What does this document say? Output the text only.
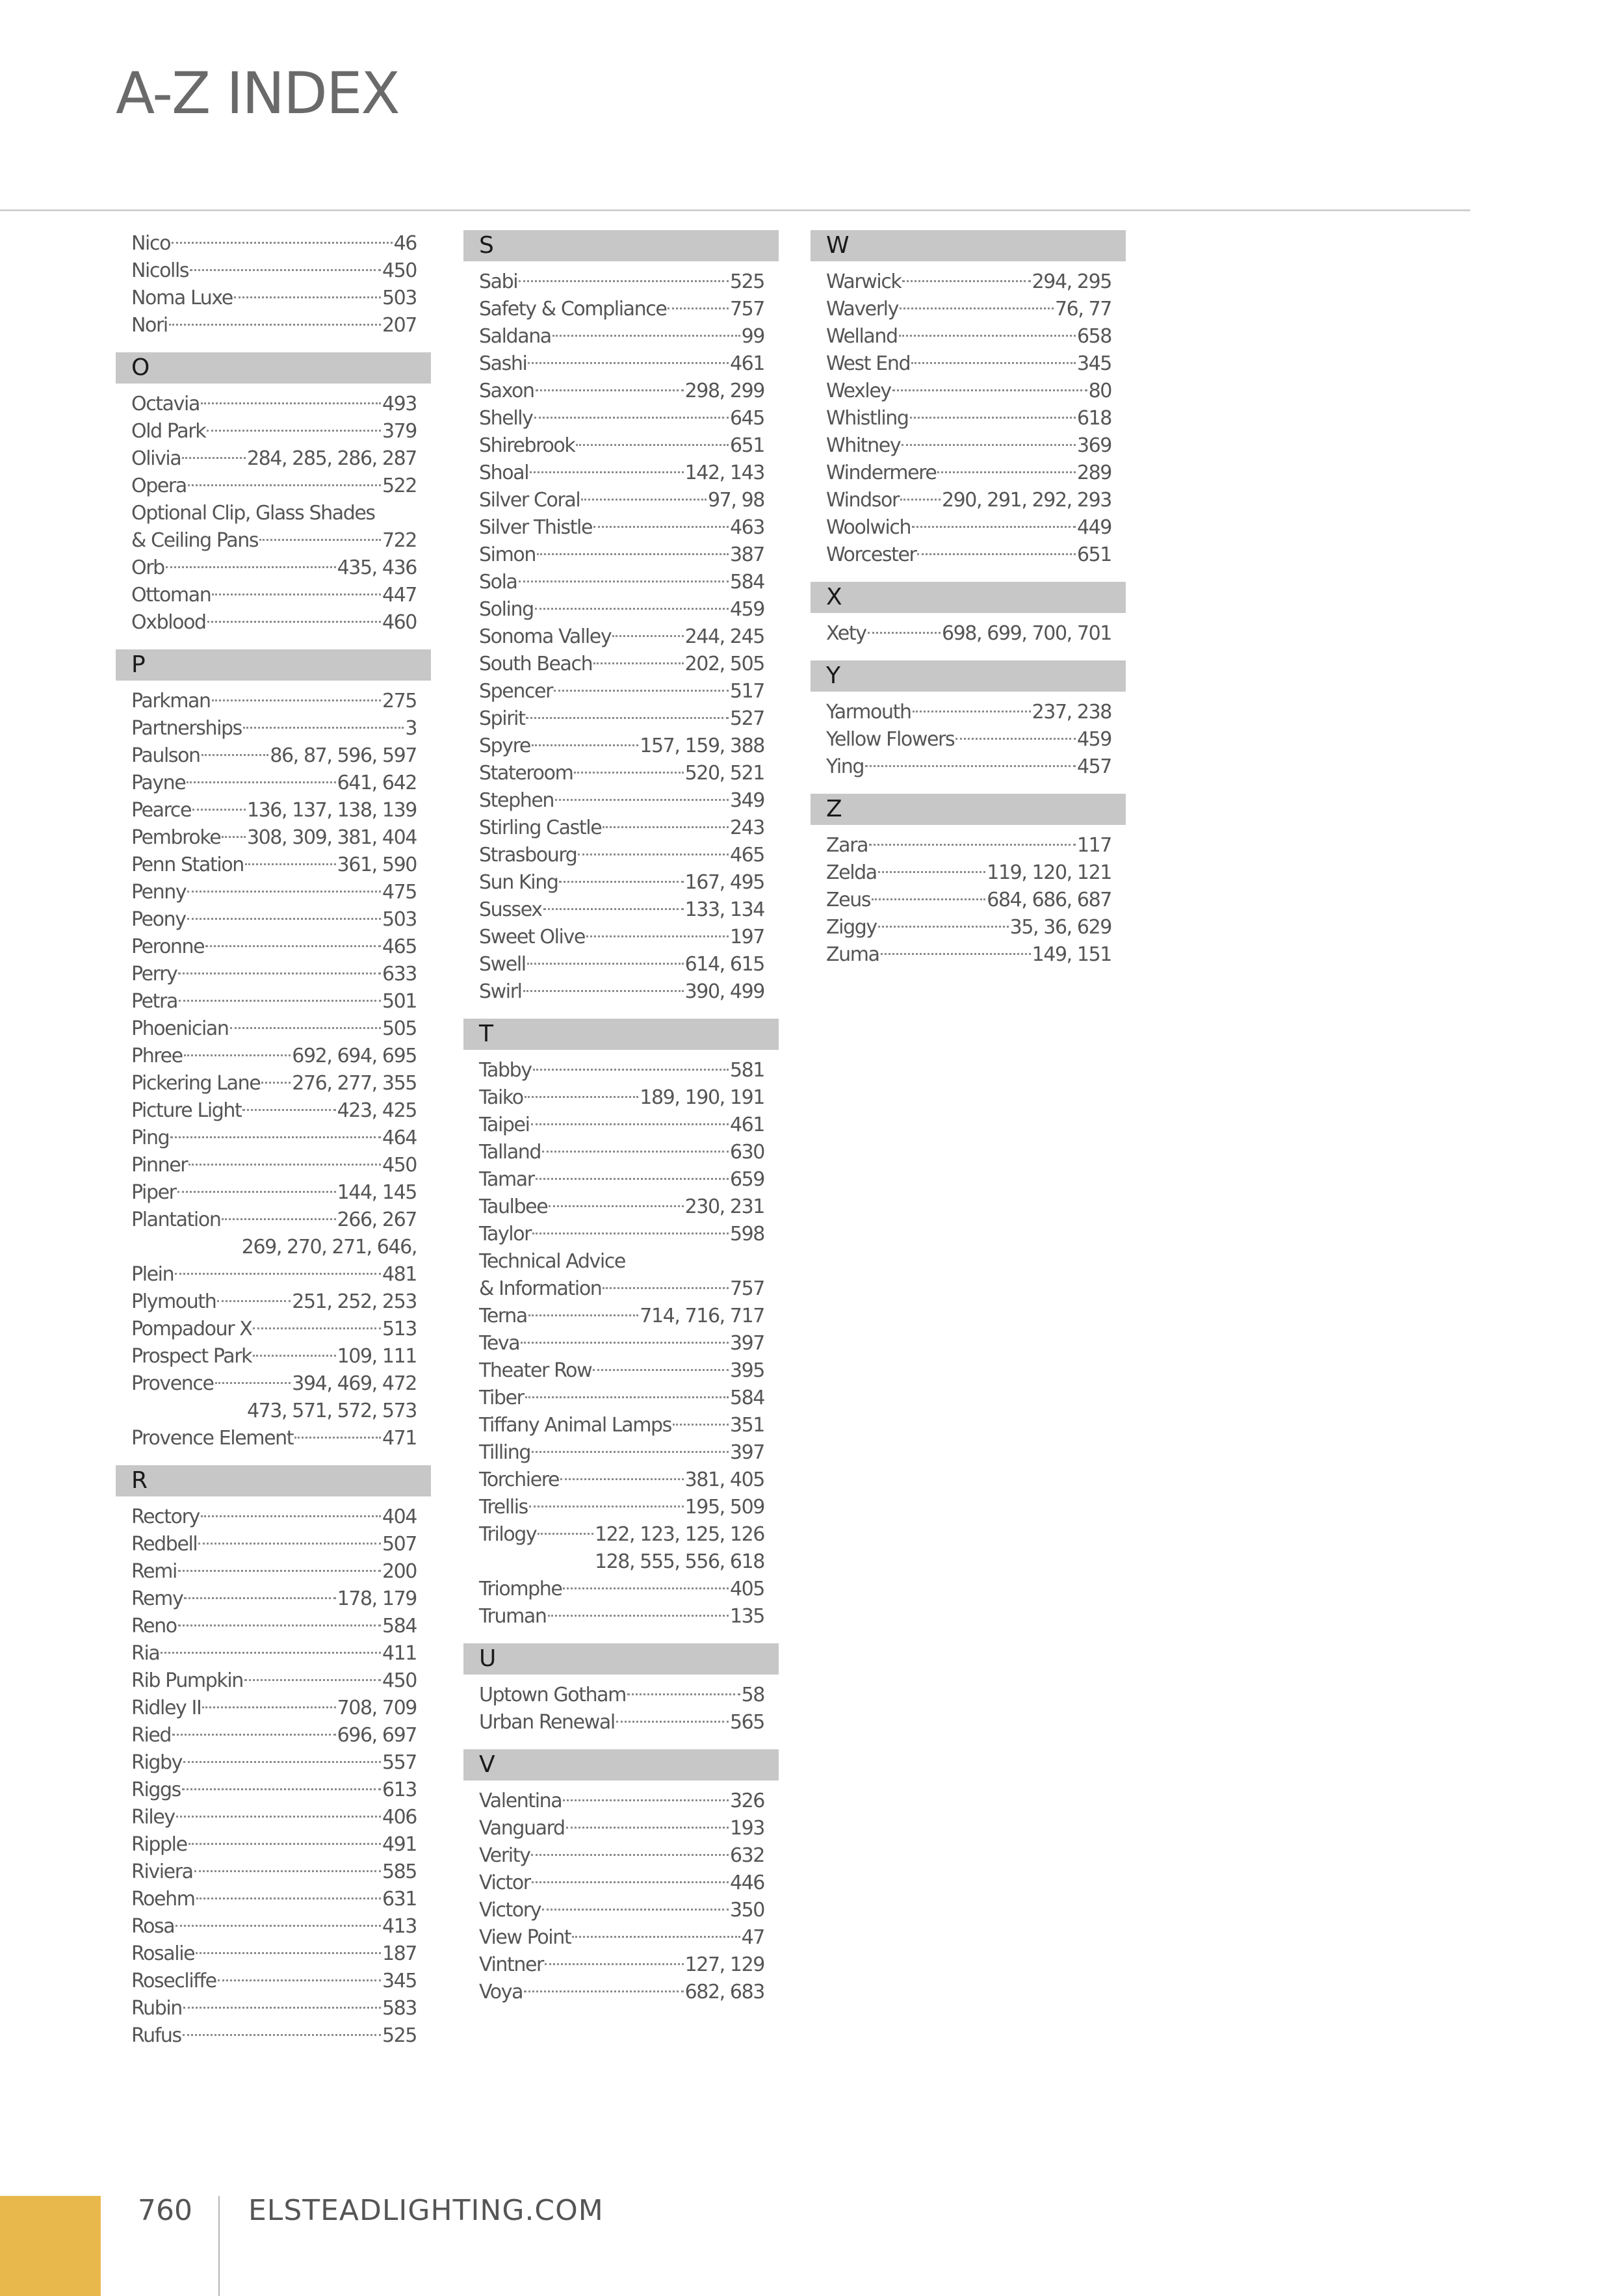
A-Z INDEX
Nico	46
Nicolls	450
Noma Luxe	503
Nori	207
O
Octavia	493
Old Park	379
Olivia	284, 285, 286, 287
Opera	522
Optional Clip, Glass Shades
& Ceiling Pans	722
Orb	435, 436
Ottoman	447
Oxblood	460
P
Parkman	275
Partnerships	3
Paulson	86, 87, 596, 597
Payne	641, 642
Pearce	136, 137, 138, 139
Pembroke 308, 309, 381, 404
Penn Station	361, 590
Penny	475
Peony	503
Peronne	465
Perry	633
Petra	501
Phoenician	505
Phree	692, 694, 695
Pickering Lane 276, 277, 355
Picture Light	423, 425
Ping	464
Pinner	450
Piper	144, 145
Plantation	266, 267
269, 270, 271, 646,
Plein	481
Plymouth	251, 252, 253
Pompadour X	513
Prospect Park	109, 111
Provence	394, 469, 472
473, 571, 572, 573
Provence Element	471
R
Rectory	404
Redbell	507
Remi	200
Remy	178, 179
Reno	584
Ria	411
Rib Pumpkin	450
Ridley II	708, 709
Ried	696, 697
Rigby	557
Riggs	613
Riley	406
Ripple	491
Riviera	585
Roehm	631
Rosa	413
Rosalie	187
Rosecliffe	345
Rubin	583
Rufus	525
S
Sabi	525
Safety & Compliance	757
Saldana	99
Sashi	461
Saxon	298, 299
Shelly	645
Shirebrook	651
Shoal	142, 143
Silver Coral	97, 98
Silver Thistle	463
Simon	387
Sola	584
Soling	459
Sonoma Valley	244, 245
South Beach	202, 505
Spencer	517
Spirit	527
Spyre	157, 159, 388
Stateroom	520, 521
Stephen	349
Stirling Castle	243
Strasbourg	465
Sun King	167, 495
Sussex	133, 134
Sweet Olive	197
Swell	614, 615
Swirl	390, 499
T
Tabby	581
Taiko	189, 190, 191
Taipei	461
Talland	630
Tamar	659
Taulbee	230, 231
Taylor	598
Technical Advice
& Information	757
Terna	714, 716, 717
Teva	397
Theater Row	395
Tiber	584
Tiffany Animal Lamps	351
Tilling	397
Torchiere	381, 405
Trellis	195, 509
Trilogy	122, 123, 125, 126
128, 555, 556, 618
Triomphe	405
Truman	135
U
Uptown Gotham	58
Urban Renewal	565
V
Valentina	326
Vanguard	193
Verity	632
Victor	446
Victory	350
View Point	47
Vintner	127, 129
Voya	682, 683
W
Warwick	294, 295
Waverly	76, 77
Welland	658
West End	345
Wexley	80
Whistling	618
Whitney	369
Windermere	289
Windsor 290, 291, 292, 293
Woolwich	449
Worcester	651
X
Xety	698, 699, 700, 701
Y
Yarmouth	237, 238
Yellow Flowers	459
Ying	457
Z
Zara	117
Zelda	119, 120, 121
Zeus	684, 686, 687
Ziggy	35, 36, 629
Zuma	149, 151
760 ELSTEADLIGHTING.COM
